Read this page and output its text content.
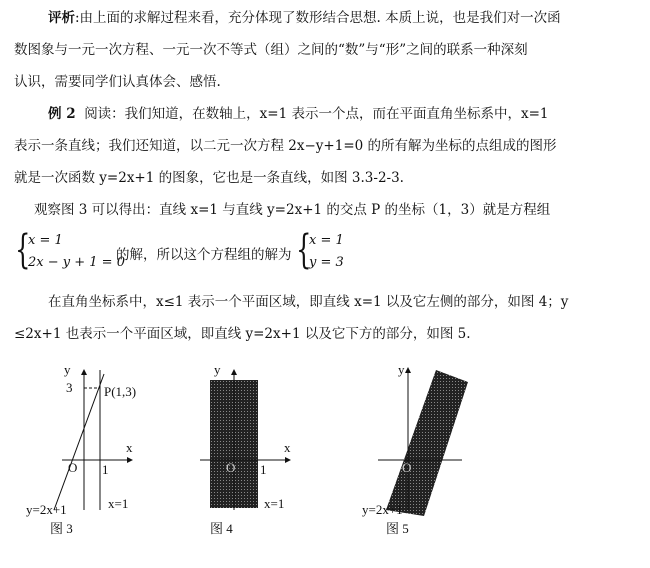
评析:由上面的求解过程来看，充分体现了数形结合思想. 本质上说，也是我们对一次函
数图象与一元一次方程、一元一次不等式（组）之间的“数”与“形”之间的联系一种深刻
认识，需要同学们认真体会、感悟.
例 2 阅读：我们知道，在数轴上，x=1 表示一个点，而在平面直角坐标系中，x=1
表示一条直线；我们还知道，以二元一次方程 2x−y+1=0 的所有解为坐标的点组成的图形
就是一次函数 y=2x+1 的图象，它也是一条直线，如图 3.3-2-3.
观察图 3 可以得出：直线 x=1 与直线 y=2x+1 的交点 P 的坐标（1，3）就是方程组
{
x = 1
2x − y + 1 = 0
的解，所以这个方程组的解为 {
x = 1
y = 3
在直角坐标系中，x≤1 表示一个平面区域，即直线 x=1 以及它左侧的部分，如图 4；y
≤2x+1 也表示一个平面区域，即直线 y=2x+1 以及它下方的部分，如图 5.
y
x
O
3
1
P(1,3)
y=2x+1	x=1
图 3
y
x
O 1
x=1
图 4
y
O
y=2x+1
图 5
